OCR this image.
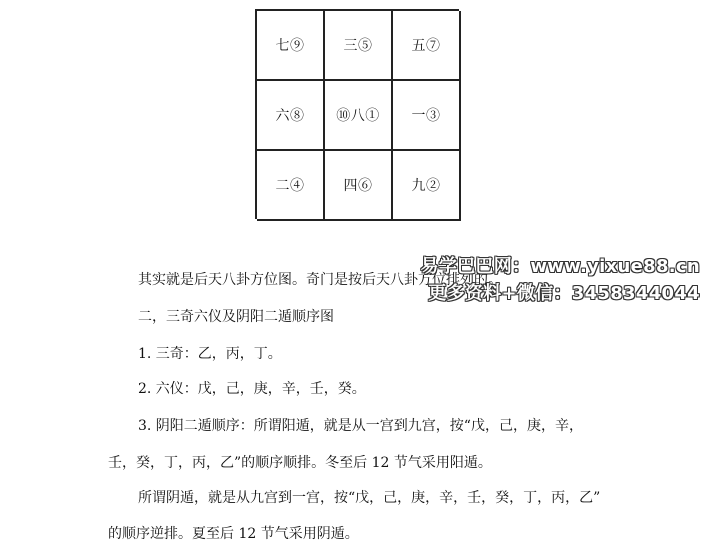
七⑨	三⑤	五⑦
六⑧	⑩八①	一③
二④	四⑥	九②
其实就是后天八卦方位图。奇门是按后天八卦方位排列的。
二，三奇六仪及阴阳二遁顺序图
1. 三奇：乙，丙，丁。
2. 六仪：戊，己，庚，辛，壬，癸。
3. 阴阳二遁顺序：所谓阳遁，就是从一宫到九宫，按“戊，己，庚，辛，
壬，癸，丁，丙，乙”的顺序顺排。冬至后 12 节气采用阳遁。
所谓阴遁，就是从九宫到一宫，按“戊，己，庚，辛，壬，癸，丁，丙，乙”
的顺序逆排。夏至后 12 节气采用阴遁。
易学巴巴网：www.yixue88.cn
更多资料+微信：3458344044
